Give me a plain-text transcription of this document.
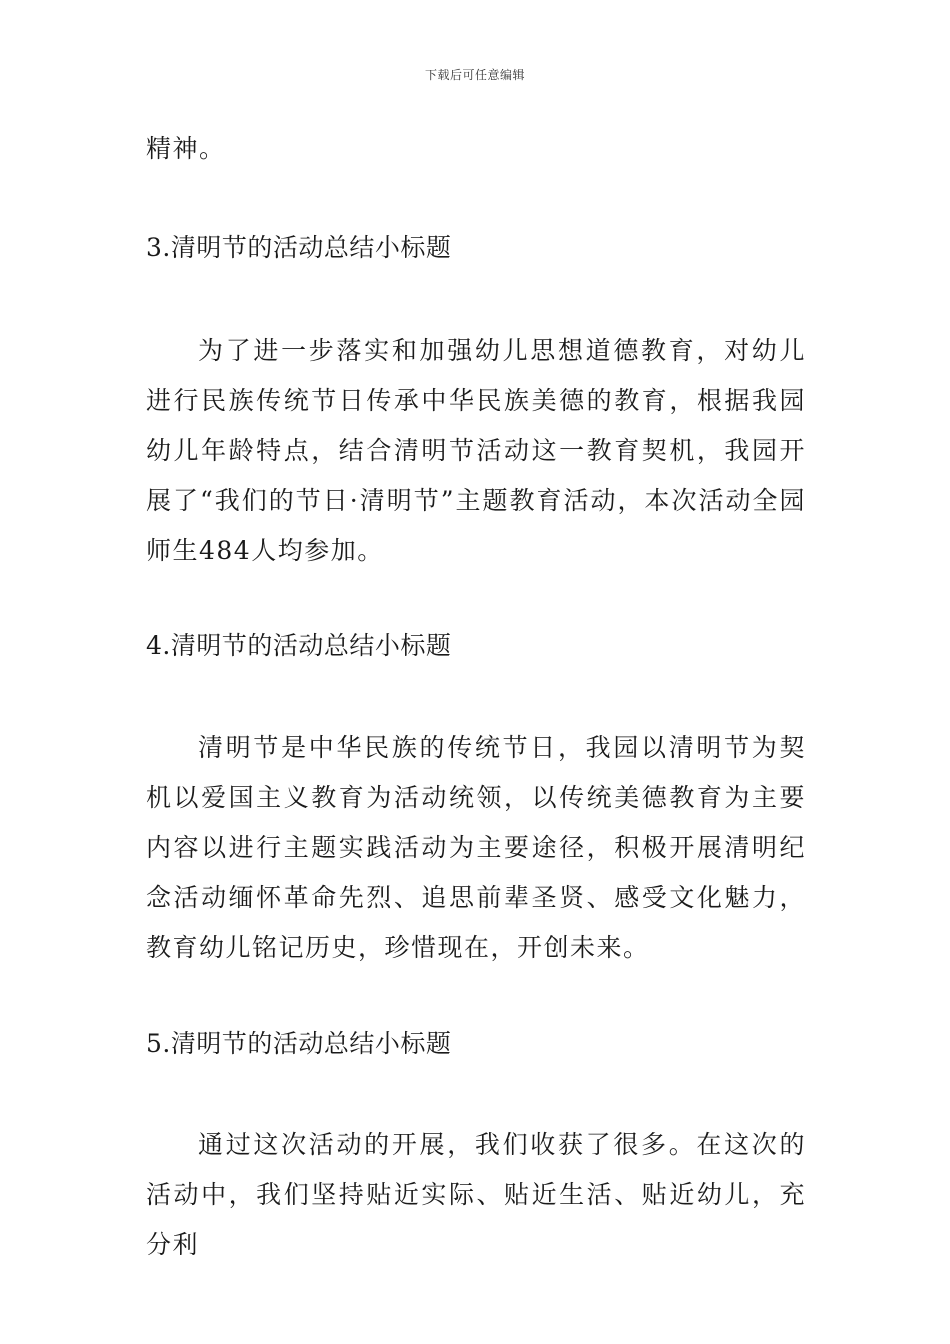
下载后可任意编辑
精神。
3.清明节的活动总结小标题
为了进一步落实和加强幼儿思想道德教育，对幼儿进行民族传统节日传承中华民族美德的教育，根据我园幼儿年龄特点，结合清明节活动这一教育契机，我园开展了“我们的节日·清明节”主题教育活动，本次活动全园师生484人均参加。
4.清明节的活动总结小标题
清明节是中华民族的传统节日，我园以清明节为契机以爱国主义教育为活动统领，以传统美德教育为主要内容以进行主题实践活动为主要途径，积极开展清明纪念活动缅怀革命先烈、追思前辈圣贤、感受文化魅力，教育幼儿铭记历史，珍惜现在，开创未来。
5.清明节的活动总结小标题
通过这次活动的开展，我们收获了很多。在这次的活动中，我们坚持贴近实际、贴近生活、贴近幼儿，充分利
